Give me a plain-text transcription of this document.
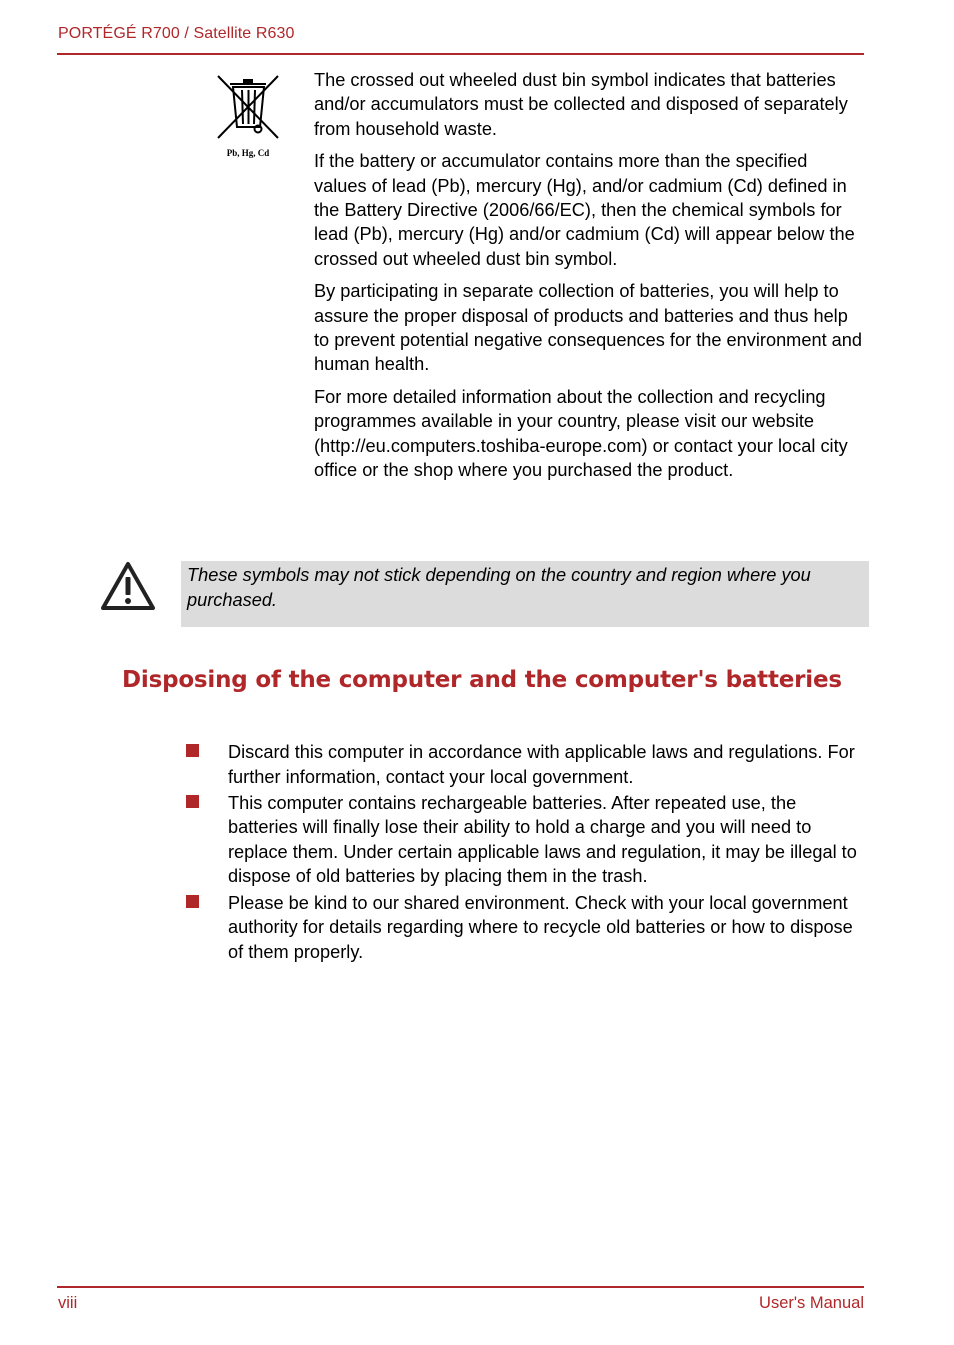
PORTÉGÉ R700 / Satellite R630
Pb, Hg, Cd

The crossed out wheeled dust bin symbol indicates that batteries and/or accumulators must be collected and disposed of separately from household waste.

If the battery or accumulator contains more than the specified values of lead (Pb), mercury (Hg), and/or cadmium (Cd) defined in the Battery Directive (2006/66/EC), then the chemical symbols for lead (Pb), mercury (Hg) and/or cadmium (Cd) will appear below the crossed out wheeled dust bin symbol.

By participating in separate collection of batteries, you will help to assure the proper disposal of products and batteries and thus help to prevent potential negative consequences for the environment and human health.

For more detailed information about the collection and recycling programmes available in your country, please visit our website (http://eu.computers.toshiba-europe.com) or contact your local city office or the shop where you purchased the product.

These symbols may not stick depending on the country and region where you purchased.

Disposing of the computer and the computer's batteries
Discard this computer in accordance with applicable laws and regulations. For further information, contact your local government.
This computer contains rechargeable batteries. After repeated use, the batteries will finally lose their ability to hold a charge and you will need to replace them. Under certain applicable laws and regulation, it may be illegal to dispose of old batteries by placing them in the trash.
Please be kind to our shared environment. Check with your local government authority for details regarding where to recycle old batteries or how to dispose of them properly.
viii	User's Manual
